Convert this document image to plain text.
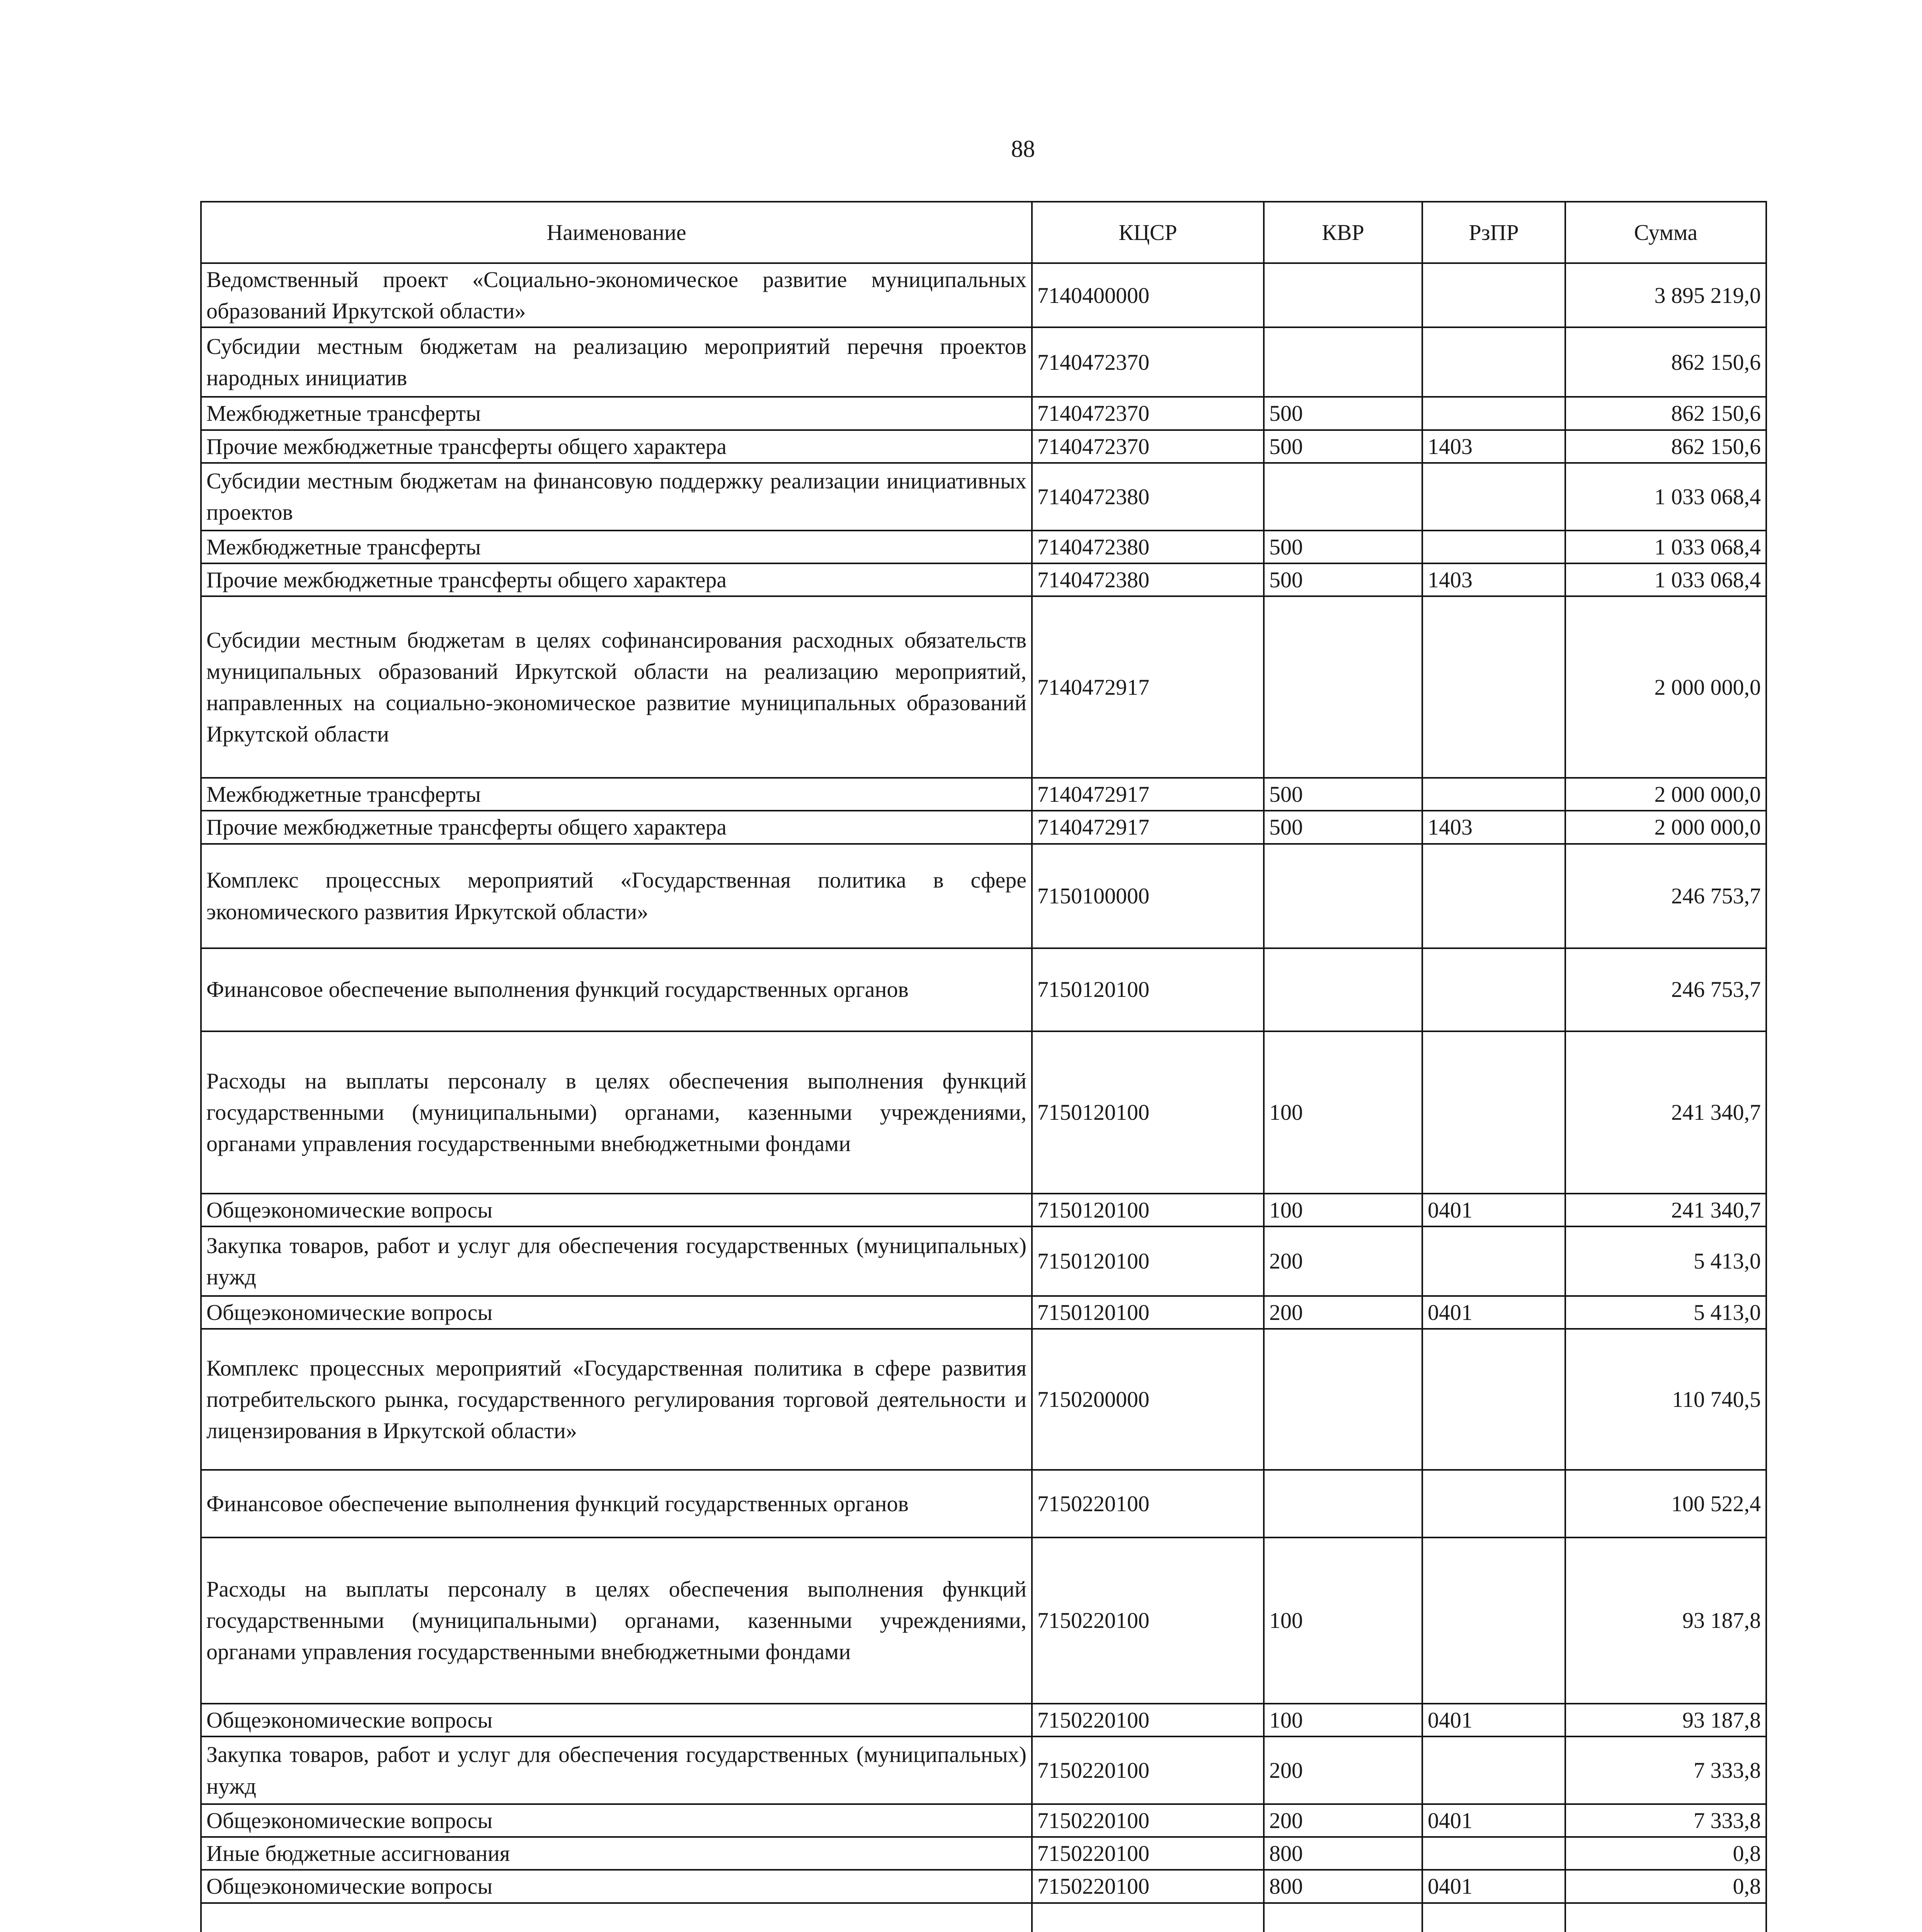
88
Наименование	КЦСР	КВР	РзПР	Сумма
Ведомственный проект «Социально-экономическое развитие муниципальных образований Иркутской области»	7140400000			3 895 219,0
Субсидии местным бюджетам на реализацию мероприятий перечня проектов народных инициатив	7140472370			862 150,6
Межбюджетные трансферты	7140472370	500		862 150,6
Прочие межбюджетные трансферты общего характера	7140472370	500	1403	862 150,6
Субсидии местным бюджетам на финансовую поддержку реализации инициативных проектов	7140472380			1 033 068,4
Межбюджетные трансферты	7140472380	500		1 033 068,4
Прочие межбюджетные трансферты общего характера	7140472380	500	1403	1 033 068,4
Субсидии местным бюджетам в целях софинансирования расходных обязательств муниципальных образований Иркутской области на реализацию мероприятий, направленных на социально-экономическое развитие муниципальных образований Иркутской области	7140472917			2 000 000,0
Межбюджетные трансферты	7140472917	500		2 000 000,0
Прочие межбюджетные трансферты общего характера	7140472917	500	1403	2 000 000,0
Комплекс процессных мероприятий «Государственная политика в сфере экономического развития Иркутской области»	7150100000			246 753,7
Финансовое обеспечение выполнения функций государственных органов	7150120100			246 753,7
Расходы на выплаты персоналу в целях обеспечения выполнения функций государственными (муниципальными) органами, казенными учреждениями, органами управления государственными внебюджетными фондами	7150120100	100		241 340,7
Общеэкономические вопросы	7150120100	100	0401	241 340,7
Закупка товаров, работ и услуг для обеспечения государственных (муниципальных) нужд	7150120100	200		5 413,0
Общеэкономические вопросы	7150120100	200	0401	5 413,0
Комплекс процессных мероприятий «Государственная политика в сфере развития потребительского рынка, государственного регулирования торговой деятельности и лицензирования в Иркутской области»	7150200000			110 740,5
Финансовое обеспечение выполнения функций государственных органов	7150220100			100 522,4
Расходы на выплаты персоналу в целях обеспечения выполнения функций государственными (муниципальными) органами, казенными учреждениями, органами управления государственными внебюджетными фондами	7150220100	100		93 187,8
Общеэкономические вопросы	7150220100	100	0401	93 187,8
Закупка товаров, работ и услуг для обеспечения государственных (муниципальных) нужд	7150220100	200		7 333,8
Общеэкономические вопросы	7150220100	200	0401	7 333,8
Иные бюджетные ассигнования	7150220100	800		0,8
Общеэкономические вопросы	7150220100	800	0401	0,8
